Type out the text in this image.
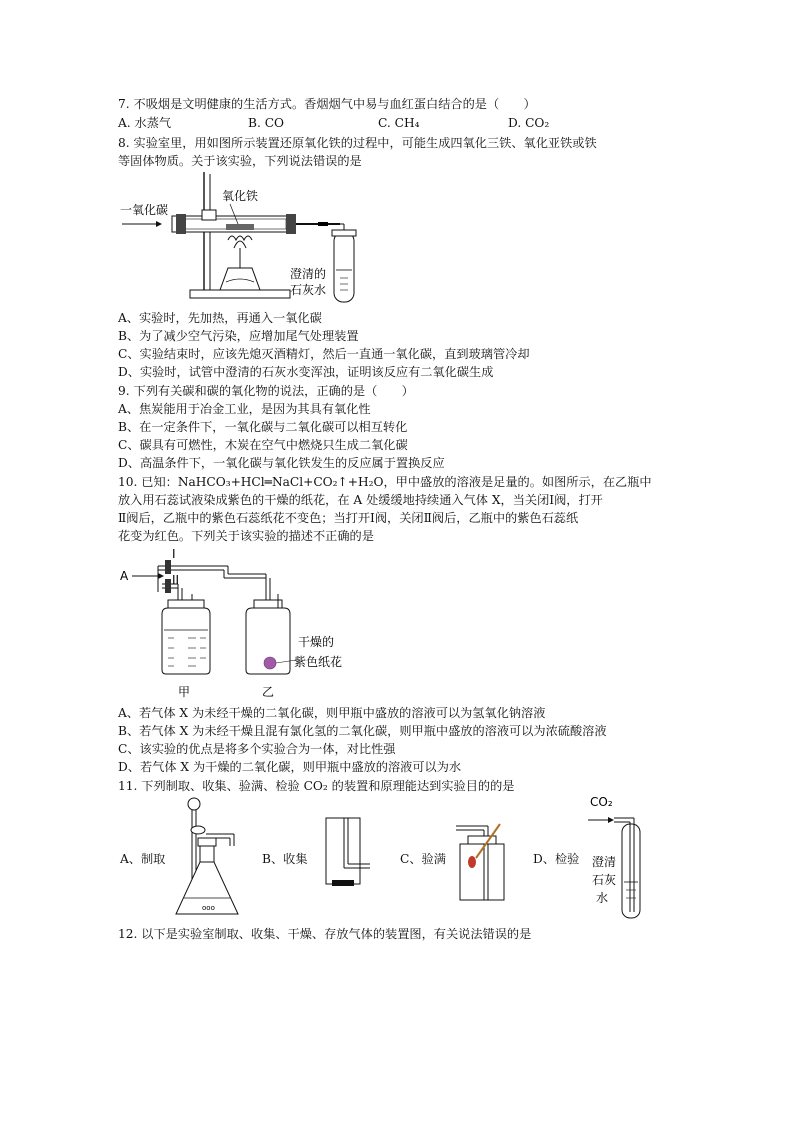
7. 不吸烟是文明健康的生活方式。香烟烟气中易与血红蛋白结合的是（　　）
A. 水蒸气	B. CO	C. CH₄	D. CO₂
8. 实验室里，用如图所示装置还原氧化铁的过程中，可能生成四氧化三铁、氧化亚铁或铁
等固体物质。关于该实验，下列说法错误的是
一氧化碳
氧化铁
澄清的
石灰水
A、实验时，先加热，再通入一氧化碳
B、为了减少空气污染，应增加尾气处理装置
C、实验结束时，应该先熄灭酒精灯，然后一直通一氧化碳，直到玻璃管冷却
D、实验时，试管中澄清的石灰水变浑浊，证明该反应有二氧化碳生成
9. 下列有关碳和碳的氧化物的说法，正确的是（　　）
A、焦炭能用于冶金工业，是因为其具有氧化性
B、在一定条件下，一氧化碳与二氧化碳可以相互转化
C、碳具有可燃性，木炭在空气中燃烧只生成二氧化碳
D、高温条件下，一氧化碳与氧化铁发生的反应属于置换反应
10. 已知：NaHCO₃+HCl═NaCl+CO₂↑+H₂O，甲中盛放的溶液是足量的。如图所示，在乙瓶中
放入用石蕊试液染成紫色的干燥的纸花，在 A 处缓缓地持续通入气体 X，当关闭Ⅰ阀，打开
Ⅱ阀后，乙瓶中的紫色石蕊纸花不变色；当打开Ⅰ阀，关闭Ⅱ阀后，乙瓶中的紫色石蕊纸
花变为红色。下列关于该实验的描述不正确的是
A
I
II
干燥的
紫色纸花
甲	乙
A、若气体 X 为未经干燥的二氧化碳，则甲瓶中盛放的溶液可以为氢氧化钠溶液
B、若气体 X 为未经干燥且混有氯化氢的二氧化碳，则甲瓶中盛放的溶液可以为浓硫酸溶液
C、该实验的优点是将多个实验合为一体，对比性强
D、若气体 X 为干燥的二氧化碳，则甲瓶中盛放的溶液可以为水
11. 下列制取、收集、验满、检验 CO₂ 的装置和原理能达到实验目的的是
A、制取
ooo
B、收集	C、验满	D、检验
CO₂
澄清
石灰
水
12. 以下是实验室制取、收集、干燥、存放气体的装置图，有关说法错误的是
